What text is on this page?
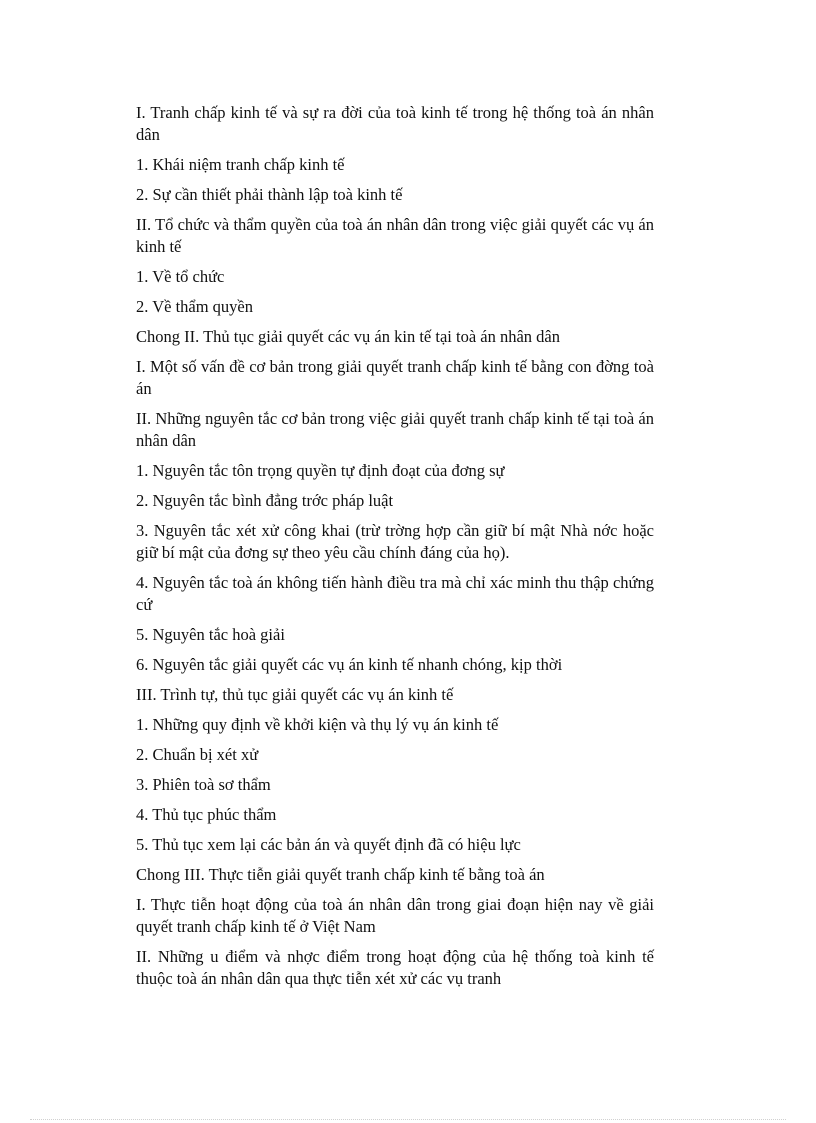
I. Tranh chấp kinh tế và sự ra đời của toà kinh tế trong hệ thống toà án nhân dân

1. Khái niệm tranh chấp kinh tế

2. Sự cần thiết phải thành lập toà kinh tế

II. Tổ chức và thẩm quyền của toà án nhân dân trong việc giải quyết các vụ án kinh tế

1. Về tổ chức

2. Về thẩm quyền

Chong II. Thủ tục giải quyết các vụ án kin tế tại toà án nhân dân

I. Một số vấn đề cơ bản trong giải quyết tranh chấp kinh tế bằng con đờng toà án

II. Những nguyên tắc cơ bản trong việc giải quyết tranh chấp kinh tế tại toà án nhân dân

1. Nguyên tắc tôn trọng quyền tự định đoạt của đơng sự

2. Nguyên tắc bình đẳng trớc pháp luật

3. Nguyên tắc xét xử công khai (trừ trờng hợp cần giữ bí mật Nhà nớc hoặc giữ bí mật của đơng sự theo yêu cầu chính đáng của họ).

4. Nguyên tắc toà án không tiến hành điều tra mà chỉ xác minh thu thập chứng cứ

5. Nguyên tắc hoà giải

6. Nguyên tắc giải quyết các vụ án kinh tế nhanh chóng, kịp thời

III. Trình tự, thủ tục giải quyết các vụ án kinh tế

1. Những quy định về khởi kiện và thụ lý vụ án kinh tế

2. Chuẩn bị xét xử

3. Phiên toà sơ thẩm

4. Thủ tục phúc thẩm

5. Thủ tục xem lại các bản án và quyết định đã có hiệu lực

Chong III. Thực tiễn giải quyết tranh chấp kinh tế bằng toà án

I. Thực tiễn hoạt động của toà án nhân dân trong giai đoạn hiện nay về giải quyết tranh chấp kinh tế ở Việt Nam

II. Những u điểm và nhợc điểm trong hoạt động của hệ thống toà kinh tế thuộc toà án nhân dân qua thực tiễn xét xử các vụ tranh
